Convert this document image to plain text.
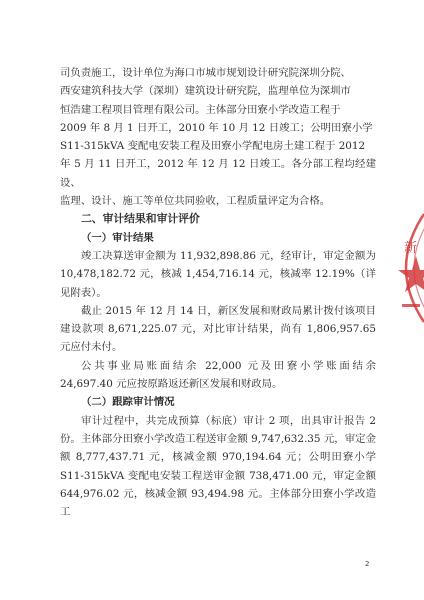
司负责施工，设计单位为海口市城市规划设计研究院深圳分院、

西安建筑科技大学（深圳）建筑设计研究院，监理单位为深圳市

恒浩建工程项目管理有限公司。主体部分田寮小学改造工程于

2009 年 8 月 1 日开工，2010 年 10 月 12 日竣工；公明田寮小学

S11-315kVA 变配电安装工程及田寮小学配电房土建工程于 2012

年 5 月 11 日开工，2012 年 12 月 12 日竣工。各分部工程均经建设、

监理、设计、施工等单位共同验收，工程质量评定为合格。

二、审计结果和审计评价

（一）审计结果

竣工决算送审金额为 11,932,898.86 元，经审计，审定金额为 10,478,182.72 元，核减 1,454,716.14 元，核减率 12.19%（详见附表）。

截止 2015 年 12 月 14 日，新区发展和财政局累计拨付该项目建设款项 8,671,225.07 元，对比审计结果，尚有 1,806,957.65 元应付未付。

公共事业局账面结余 22,000 元及田寮小学账面结余 24,697.40 元应按原路返还新区发展和财政局。

（二）跟踪审计情况

审计过程中，共完成预算（标底）审计 2 项，出具审计报告 2 份。主体部分田寮小学改造工程送审金额 9,747,632.35 元，审定金额 8,777,437.71 元，核减金额 970,194.64 元；公明田寮小学 S11-315kVA 变配电安装工程送审金额 738,471.00 元，审定金额 644,976.02 元，核减金额 93,494.98 元。主体部分田寮小学改造工

新
2
